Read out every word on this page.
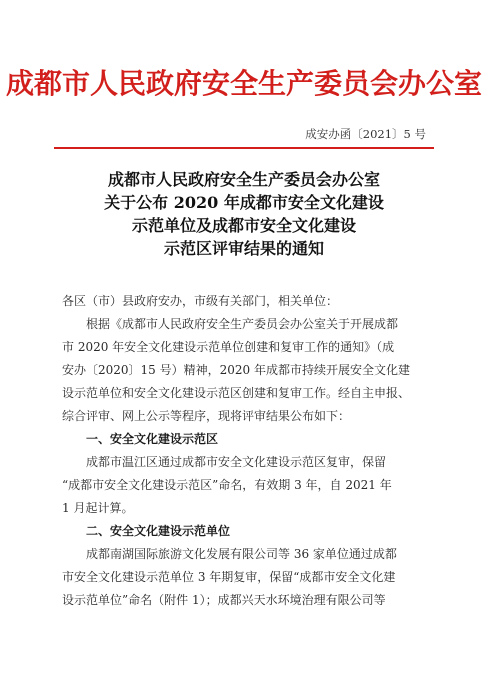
成都市人民政府安全生产委员会办公室
成安办函〔2021〕5 号
成都市人民政府安全生产委员会办公室
关于公布 2020 年成都市安全文化建设
示范单位及成都市安全文化建设
示范区评审结果的通知
各区（市）县政府安办，市级有关部门，相关单位：
根据《成都市人民政府安全生产委员会办公室关于开展成都
市 2020 年安全文化建设示范单位创建和复审工作的通知》（成
安办〔2020〕15 号）精神，2020 年成都市持续开展安全文化建
设示范单位和安全文化建设示范区创建和复审工作。经自主申报、
综合评审、网上公示等程序，现将评审结果公布如下：
一、安全文化建设示范区
成都市温江区通过成都市安全文化建设示范区复审，保留
“成都市安全文化建设示范区”命名，有效期 3 年，自 2021 年
1 月起计算。
二、安全文化建设示范单位
成都南湖国际旅游文化发展有限公司等 36 家单位通过成都
市安全文化建设示范单位 3 年期复审，保留“成都市安全文化建
设示范单位”命名（附件 1）；成都兴天水环境治理有限公司等
